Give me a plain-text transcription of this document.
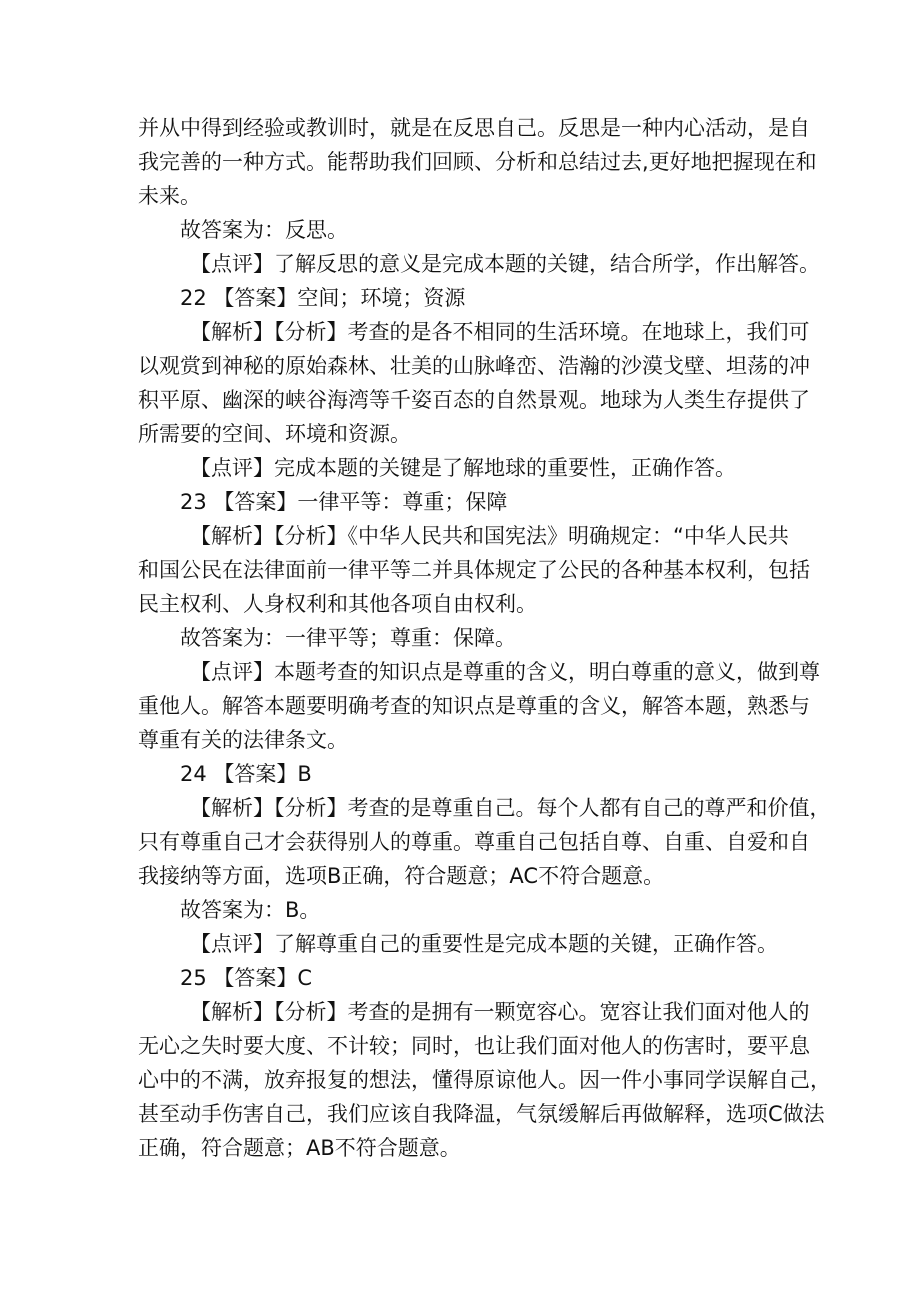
并从中得到经验或教训时，就是在反思自己。反思是一种内心活动，是自
我完善的一种方式。能帮助我们回顾、分析和总结过去,更好地把握现在和
未来。
故答案为：反思。
【点评】了解反思的意义是完成本题的关键，结合所学，作出解答。
22 【答案】空间；环境；资源
【解析】【分析】考查的是各不相同的生活环境。在地球上，我们可
以观赏到神秘的原始森林、壮美的山脉峰峦、浩瀚的沙漠戈壁、坦荡的冲
积平原、幽深的峡谷海湾等千姿百态的自然景观。地球为人类生存提供了
所需要的空间、环境和资源。
【点评】完成本题的关键是了解地球的重要性，正确作答。
23 【答案】一律平等：尊重；保障
【解析】【分析】《中华人民共和国宪法》明确规定：“中华人民共
和国公民在法律面前一律平等二并具体规定了公民的各种基本权利，包括
民主权利、人身权利和其他各项自由权利。
故答案为：一律平等；尊重：保障。
【点评】本题考查的知识点是尊重的含义，明白尊重的意义，做到尊
重他人。解答本题要明确考查的知识点是尊重的含义，解答本题，熟悉与
尊重有关的法律条文。
24 【答案】B
【解析】【分析】考查的是尊重自己。每个人都有自己的尊严和价值，
只有尊重自己才会获得别人的尊重。尊重自己包括自尊、自重、自爱和自
我接纳等方面，选项B正确，符合题意；AC不符合题意。
故答案为：B。
【点评】了解尊重自己的重要性是完成本题的关键，正确作答。
25 【答案】C
【解析】【分析】考查的是拥有一颗宽容心。宽容让我们面对他人的
无心之失时要大度、不计较；同时，也让我们面对他人的伤害时，要平息
心中的不满，放弃报复的想法，懂得原谅他人。因一件小事同学误解自己，
甚至动手伤害自己，我们应该自我降温，气氛缓解后再做解释，选项C做法
正确，符合题意；AB不符合题意。
